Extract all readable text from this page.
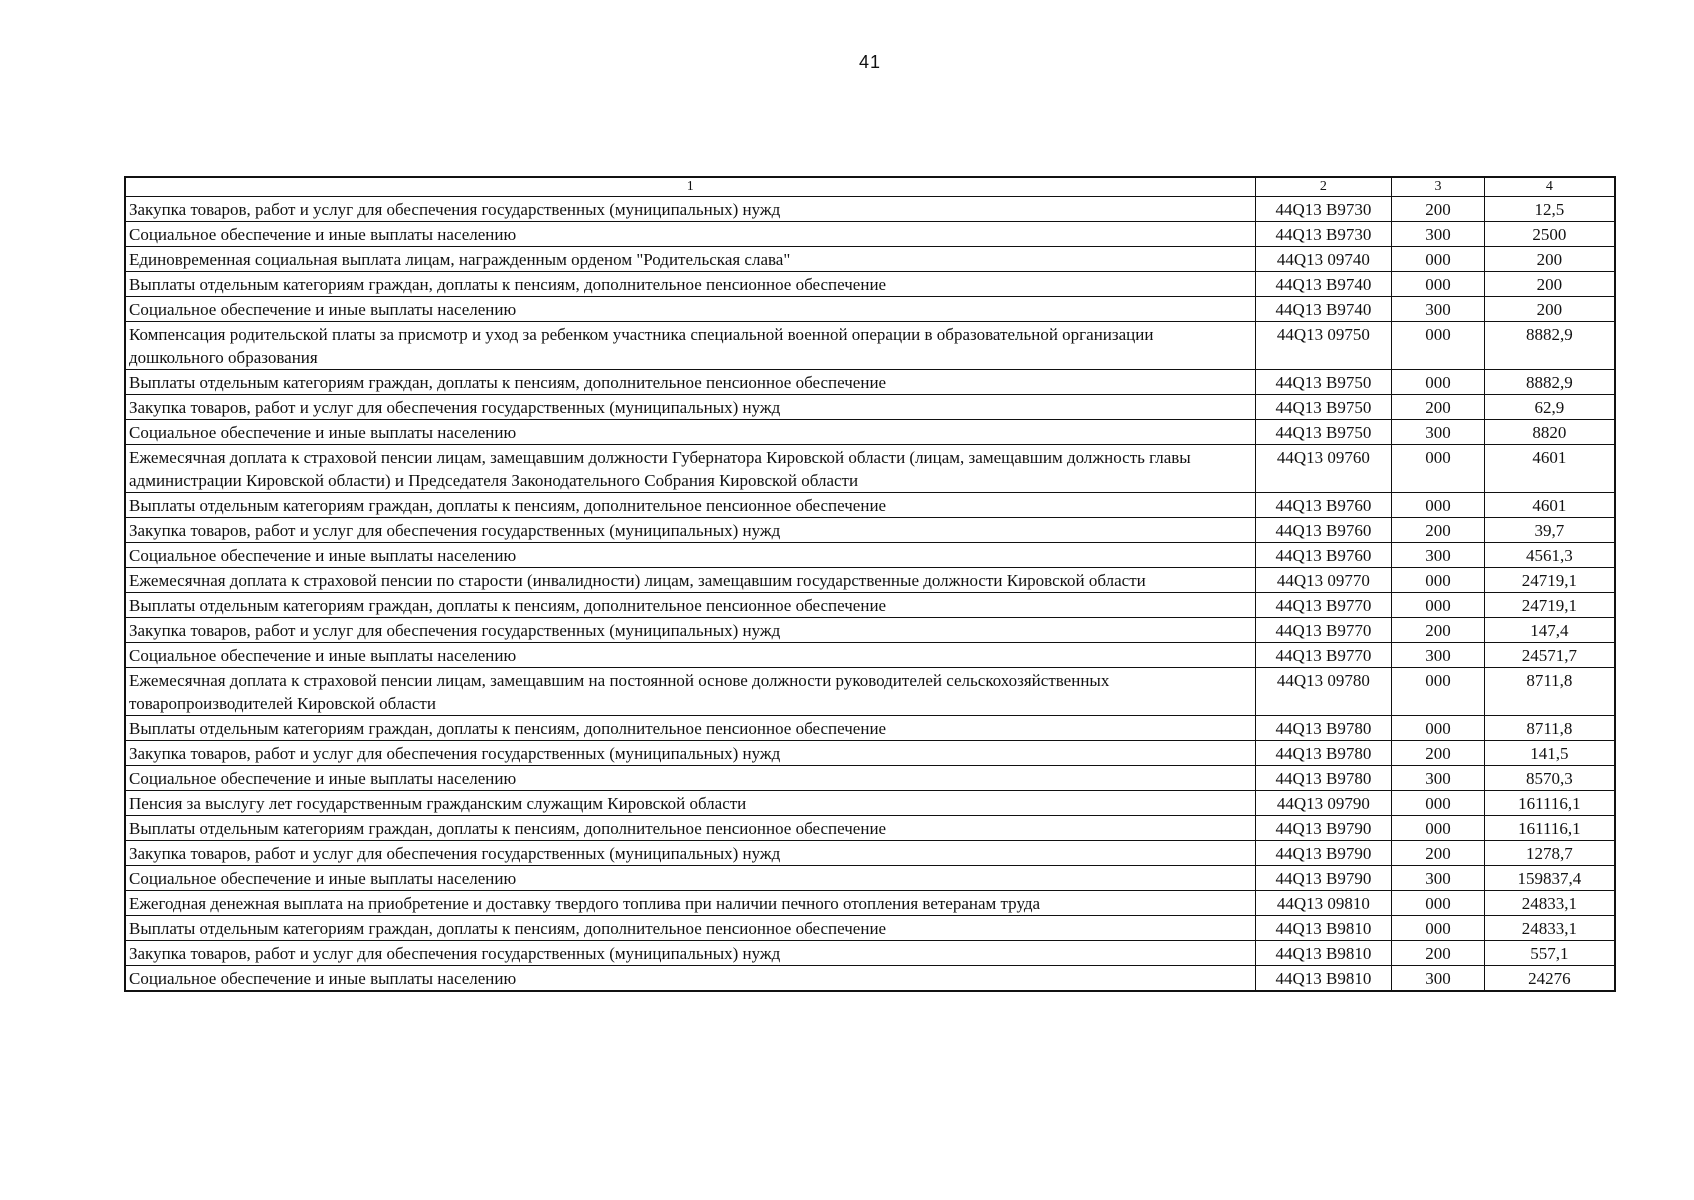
41
1	2	3	4
Закупка товаров, работ и услуг для обеспечения государственных (муниципальных) нужд	44Q13 B9730	200	12,5
Социальное обеспечение и иные выплаты населению	44Q13 B9730	300	2500
Единовременная социальная выплата лицам, награжденным орденом "Родительская слава"	44Q13 09740	000	200
Выплаты отдельным категориям граждан, доплаты к пенсиям, дополнительное пенсионное обеспечение	44Q13 B9740	000	200
Социальное обеспечение и иные выплаты населению	44Q13 B9740	300	200
Компенсация родительской платы за присмотр и уход за ребенком участника специальной военной операции в образовательной организации дошкольного образования	44Q13 09750	000	8882,9
Выплаты отдельным категориям граждан, доплаты к пенсиям, дополнительное пенсионное обеспечение	44Q13 B9750	000	8882,9
Закупка товаров, работ и услуг для обеспечения государственных (муниципальных) нужд	44Q13 B9750	200	62,9
Социальное обеспечение и иные выплаты населению	44Q13 B9750	300	8820
Ежемесячная доплата к страховой пенсии лицам, замещавшим должности Губернатора Кировской области (лицам, замещавшим должность главы администрации Кировской области) и Председателя Законодательного Собрания Кировской области	44Q13 09760	000	4601
Выплаты отдельным категориям граждан, доплаты к пенсиям, дополнительное пенсионное обеспечение	44Q13 B9760	000	4601
Закупка товаров, работ и услуг для обеспечения государственных (муниципальных) нужд	44Q13 B9760	200	39,7
Социальное обеспечение и иные выплаты населению	44Q13 B9760	300	4561,3
Ежемесячная доплата к страховой пенсии по старости (инвалидности) лицам, замещавшим государственные должности Кировской области	44Q13 09770	000	24719,1
Выплаты отдельным категориям граждан, доплаты к пенсиям, дополнительное пенсионное обеспечение	44Q13 B9770	000	24719,1
Закупка товаров, работ и услуг для обеспечения государственных (муниципальных) нужд	44Q13 B9770	200	147,4
Социальное обеспечение и иные выплаты населению	44Q13 B9770	300	24571,7
Ежемесячная доплата к страховой пенсии лицам, замещавшим на постоянной основе должности руководителей сельскохозяйственных товаропроизводителей Кировской области	44Q13 09780	000	8711,8
Выплаты отдельным категориям граждан, доплаты к пенсиям, дополнительное пенсионное обеспечение	44Q13 B9780	000	8711,8
Закупка товаров, работ и услуг для обеспечения государственных (муниципальных) нужд	44Q13 B9780	200	141,5
Социальное обеспечение и иные выплаты населению	44Q13 B9780	300	8570,3
Пенсия за выслугу лет государственным гражданским служащим Кировской области	44Q13 09790	000	161116,1
Выплаты отдельным категориям граждан, доплаты к пенсиям, дополнительное пенсионное обеспечение	44Q13 B9790	000	161116,1
Закупка товаров, работ и услуг для обеспечения государственных (муниципальных) нужд	44Q13 B9790	200	1278,7
Социальное обеспечение и иные выплаты населению	44Q13 B9790	300	159837,4
Ежегодная денежная выплата на приобретение и доставку твердого топлива при наличии печного отопления ветеранам труда	44Q13 09810	000	24833,1
Выплаты отдельным категориям граждан, доплаты к пенсиям, дополнительное пенсионное обеспечение	44Q13 B9810	000	24833,1
Закупка товаров, работ и услуг для обеспечения государственных (муниципальных) нужд	44Q13 B9810	200	557,1
Социальное обеспечение и иные выплаты населению	44Q13 B9810	300	24276
